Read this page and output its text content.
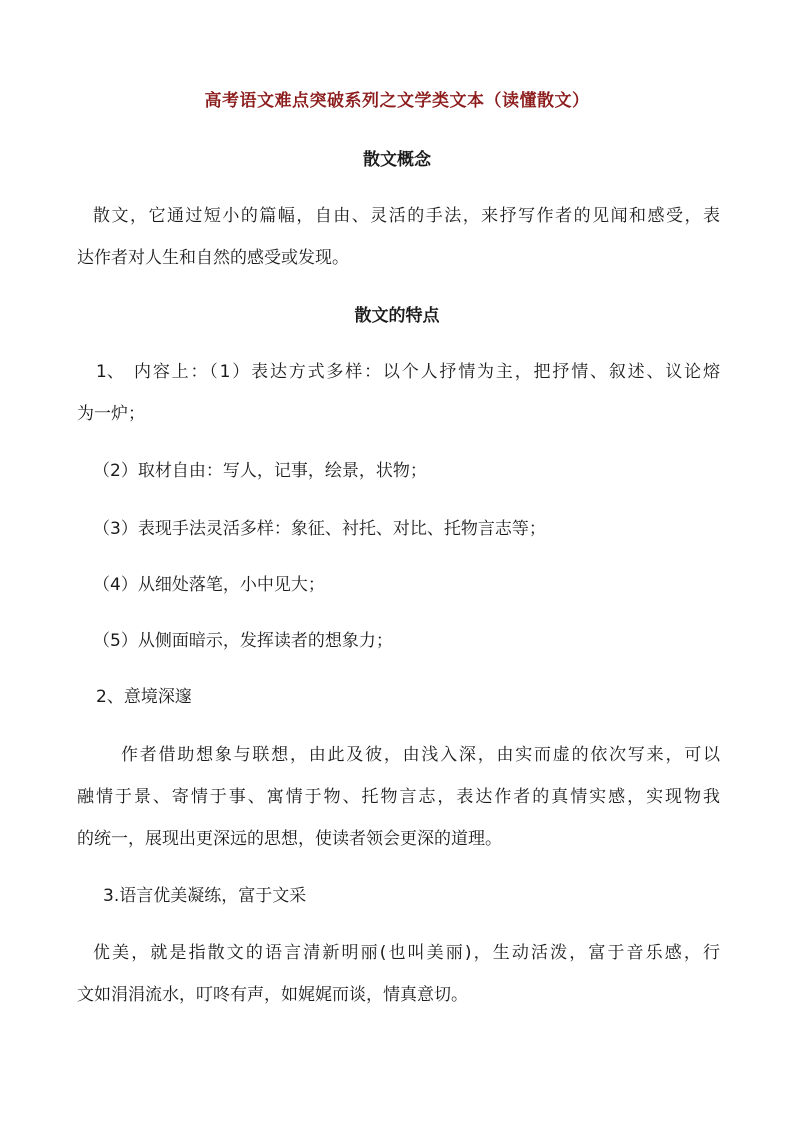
高考语文难点突破系列之文学类文本（读懂散文）
散文概念
散文，它通过短小的篇幅，自由、灵活的手法，来抒写作者的见闻和感受，表
达作者对人生和自然的感受或发现。
散文的特点
1、 内容上：（1）表达方式多样：以个人抒情为主，把抒情、叙述、议论熔
为一炉；
（2）取材自由：写人，记事，绘景，状物；
（3）表现手法灵活多样：象征、衬托、对比、托物言志等；
（4）从细处落笔，小中见大；
（5）从侧面暗示，发挥读者的想象力；
2、意境深邃
作者借助想象与联想，由此及彼，由浅入深，由实而虚的依次写来，可以
融情于景、寄情于事、寓情于物、托物言志，表达作者的真情实感，实现物我
的统一，展现出更深远的思想，使读者领会更深的道理。
3.语言优美凝练，富于文采
优美，就是指散文的语言清新明丽(也叫美丽)，生动活泼，富于音乐感，行
文如涓涓流水，叮咚有声，如娓娓而谈，情真意切。
